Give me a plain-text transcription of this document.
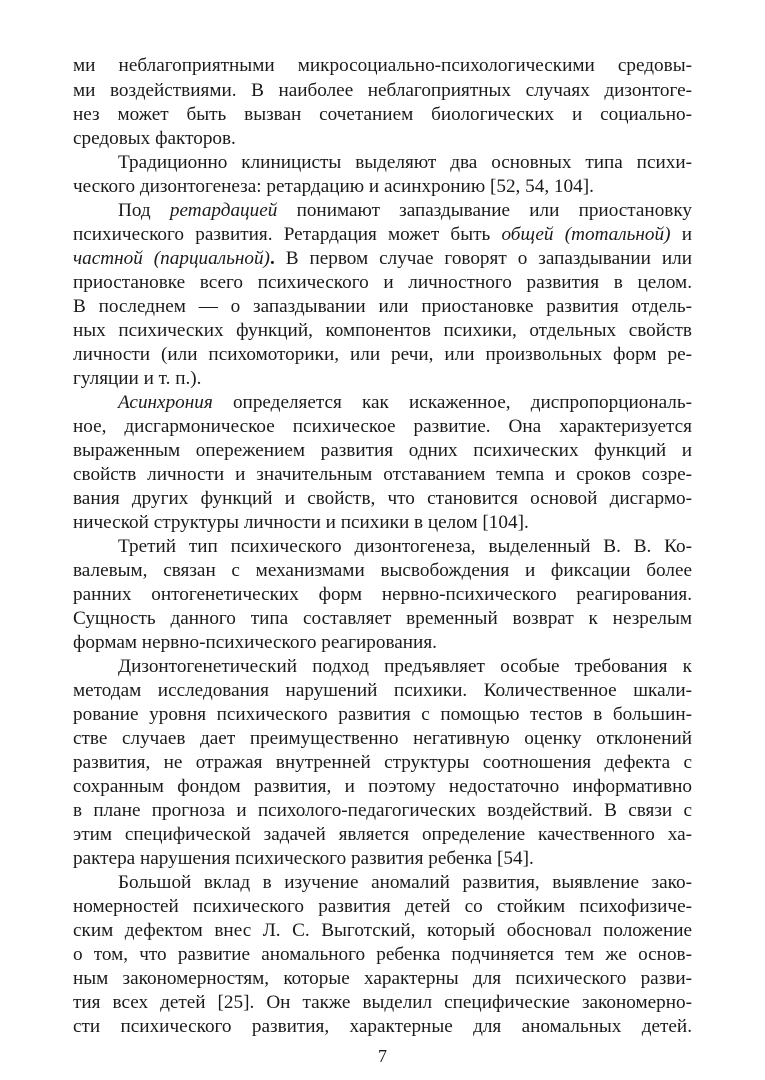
ми неблагоприятными микросоциально-психологическими средовы-
ми воздействиями. В наиболее неблагоприятных случаях дизонтоге-
нез может быть вызван сочетанием биологических и социально-
средовых факторов.
Традиционно клиницисты выделяют два основных типа психи-
ческого дизонтогенеза: ретардацию и асинхронию [52, 54, 104].
Под ретардацией понимают запаздывание или приостановку
психического развития. Ретардация может быть общей (тотальной) и
частной (парциальной). В первом случае говорят о запаздывании или
приостановке всего психического и личностного развития в целом.
В последнем — о запаздывании или приостановке развития отдель-
ных психических функций, компонентов психики, отдельных свойств
личности (или психомоторики, или речи, или произвольных форм ре-
гуляции и т. п.).
Асинхрония определяется как искаженное, диспропорциональ-
ное, дисгармоническое психическое развитие. Она характеризуется
выраженным опережением развития одних психических функций и
свойств личности и значительным отставанием темпа и сроков созре-
вания других функций и свойств, что становится основой дисгармо-
нической структуры личности и психики в целом [104].
Третий тип психического дизонтогенеза, выделенный В. В. Ко-
валевым, связан с механизмами высвобождения и фиксации более
ранних онтогенетических форм нервно-психического реагирования.
Сущность данного типа составляет временный возврат к незрелым
формам нервно-психического реагирования.
Дизонтогенетический подход предъявляет особые требования к
методам исследования нарушений психики. Количественное шкали-
рование уровня психического развития с помощью тестов в большин-
стве случаев дает преимущественно негативную оценку отклонений
развития, не отражая внутренней структуры соотношения дефекта с
сохранным фондом развития, и поэтому недостаточно информативно
в плане прогноза и психолого-педагогических воздействий. В связи с
этим специфической задачей является определение качественного ха-
рактера нарушения психического развития ребенка [54].
Большой вклад в изучение аномалий развития, выявление зако-
номерностей психического развития детей со стойким психофизиче-
ским дефектом внес Л. С. Выготский, который обосновал положение
о том, что развитие аномального ребенка подчиняется тем же основ-
ным закономерностям, которые характерны для психического разви-
тия всех детей [25]. Он также выделил специфические закономерно-
сти психического развития, характерные для аномальных детей.
7
